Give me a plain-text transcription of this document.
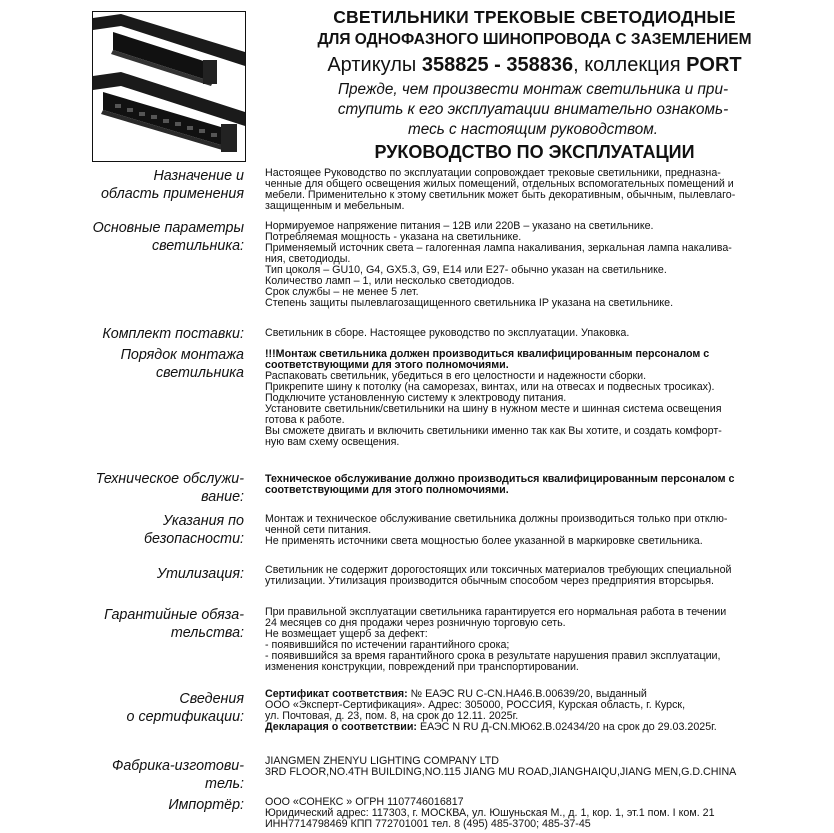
СВЕТИЛЬНИКИ ТРЕКОВЫЕ СВЕТОДИОДНЫЕ
ДЛЯ ОДНОФАЗНОГО ШИНОПРОВОДА С ЗАЗЕМЛЕНИЕМ
Артикулы 358825 - 358836, коллекция PORT
Прежде, чем произвести монтаж светильника и при-
ступить к его эксплуатации внимательно ознакомь-
тесь с настоящим руководством.
РУКОВОДСТВО ПО ЭКСПЛУАТАЦИИ
Назначение и
область применения
Настоящее Руководство по эксплуатации сопровождает трековые светильники, предназна-
ченные для общего освещения жилых помещений, отдельных вспомогательных помещений и
мебели. Применительно к этому светильник может быть декоративным, обычным, пылевлаго-
защищенным и мебельным.
Основные параметры
светильника:
Нормируемое напряжение питания – 12В или 220В – указано на светильнике.
Потребляемая мощность - указана на светильнике.
Применяемый источник света – галогенная лампа накаливания, зеркальная лампа накалива-
ния, светодиоды.
Тип цоколя – GU10, G4, GX5.3, G9, E14 или E27- обычно указан на светильнике.
Количество ламп – 1, или несколько светодиодов.
Срок службы – не менее 5 лет.
Степень защиты пылевлагозащищенного светильника IP указана на светильнике.
Комплект поставки: Светильник в сборе. Настоящее руководство по эксплуатации. Упаковка.
Порядок монтажа
светильника
!!!Монтаж светильника должен производиться квалифицированным персоналом с
соответствующими для этого полномочиями.
Распаковать светильник, убедиться в его целостности и надежности сборки.
Прикрепите шину к потолку (на саморезах, винтах, или на отвесах и подвесных тросиках).
Подключите установленную систему к электроводу питания.
Установите светильник/светильники на шину в нужном месте и шинная система освещения
готова к работе.
Вы сможете двигать и включить светильники именно так как Вы хотите, и создать комфорт-
ную вам схему освещения.
Техническое обслужи-
вание:
Техническое обслуживание должно производиться квалифицированным персоналом с
соответствующими для этого полномочиями.
Указания по
безопасности:
Монтаж и техническое обслуживание светильника должны производиться только при отклю-
ченной сети питания.
Не применять источники света мощностью более указанной в маркировке светильника.
Утилизация: Светильник не содержит дорогостоящих или токсичных материалов требующих специальной
утилизации. Утилизация производится обычным способом через предприятия вторсырья.
Гарантийные обяза-
тельства:
При правильной эксплуатации светильника гарантируется его нормальная работа в течении
24 месяцев со дня продажи через розничную торговую сеть.
Не возмещает ущерб за дефект:
- появившийся по истечении гарантийного срока;
- появившийся за время гарантийного срока в результате нарушения правил эксплуатации,
изменения конструкции, повреждений при транспортировании.
Сведения
о сертификации:
Сертификат соответствия: № ЕАЭС RU С-CN.НА46.В.00639/20, выданный
ООО «Эксперт-Сертификация». Адрес: 305000, РОССИЯ, Курская область, г. Курск,
ул. Почтовая, д. 23, пом. 8, на срок до 12.11. 2025г.
Декларация о соответствии: ЕАЭС N RU Д-CN.МЮ62.В.02434/20 на срок до 29.03.2025г.
Фабрика-изготови-
тель:
JIANGMEN ZHENYU LIGHTING COMPANY LTD
3RD FLOOR,NO.4TH BUILDING,NO.115 JIANG MU ROAD,JIANGHAIQU,JIANG MEN,G.D.CHINA
Импортёр: ООО «СОНЕКС » ОГРН 1107746016817
Юридический адрес: 117303, г. МОСКВА, ул. Юшуньская М., д. 1, кор. 1, эт.1 пом. I ком. 21
ИНН7714798469 КПП 772701001 тел. 8 (495) 485-3700; 485-37-45
